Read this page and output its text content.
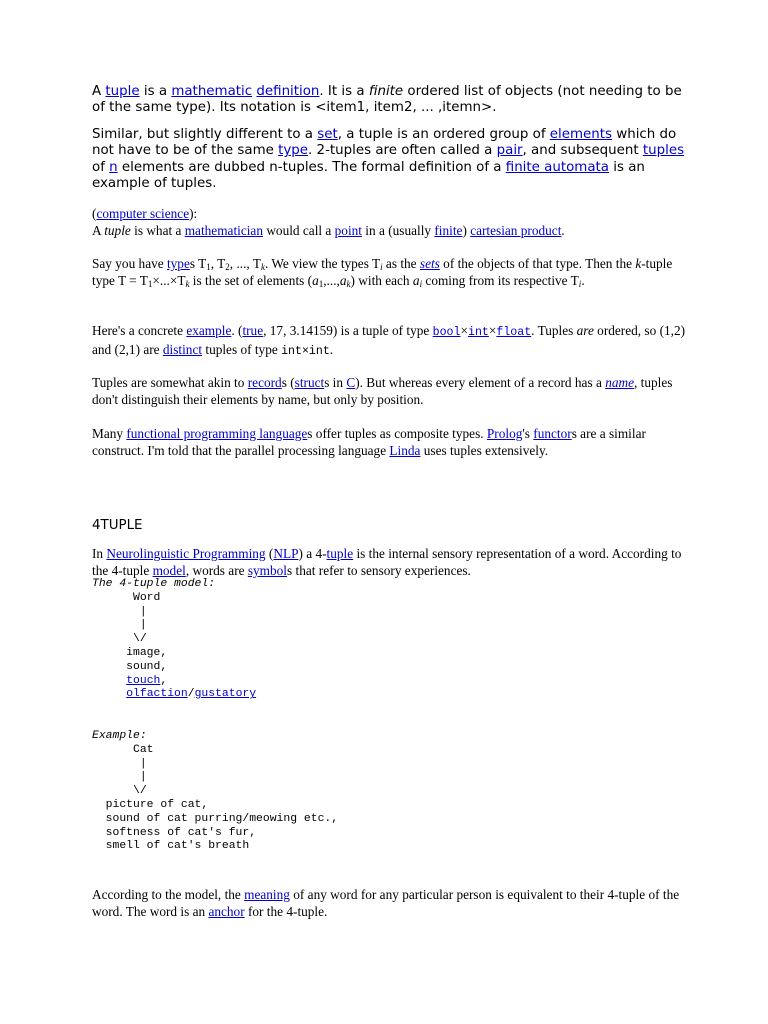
A tuple is a mathematic definition. It is a finite ordered list of objects (not needing to be of the same type). Its notation is <item1, item2, ... ,itemn>.

Similar, but slightly different to a set, a tuple is an ordered group of elements which do not have to be of the same type. 2-tuples are often called a pair, and subsequent tuples of n elements are dubbed n-tuples. The formal definition of a finite automata is an example of tuples.

(computer science):
A tuple is what a mathematician would call a point in a (usually finite) cartesian product.

Say you have types $T_1$, $T_2$, ..., $T_k$. We view the types $T_i$ as the sets of the objects of that type. Then the k-tuple type $T = T_1\times...\times T_k$ is the set of elements $(a_1,...,a_k)$ with each $a_i$ coming from its respective $T_i$.

Here's a concrete example. (true, 17, 3.14159) is a tuple of type bool×int×float. Tuples are ordered, so (1,2) and (2,1) are distinct tuples of type int×int.

Tuples are somewhat akin to records (structs in C). But whereas every element of a record has a name, tuples don't distinguish their elements by name, but only by position.

Many functional programming languages offer tuples as composite types. Prolog's functors are a similar construct. I'm told that the parallel processing language Linda uses tuples extensively.

4TUPLE

In Neurolinguistic Programming (NLP) a 4-tuple is the internal sensory representation of a word. According to the 4-tuple model, words are symbols that refer to sensory experiences.

The 4-tuple model:
Word
|
|
\/
image,
sound,
touch,
olfaction/gustatory
Example:
Cat
|
|
\/
picture of cat,
sound of cat purring/meowing etc.,
softness of cat's fur,
smell of cat's breath

According to the model, the meaning of any word for any particular person is equivalent to their 4-tuple of the word. The word is an anchor for the 4-tuple.
